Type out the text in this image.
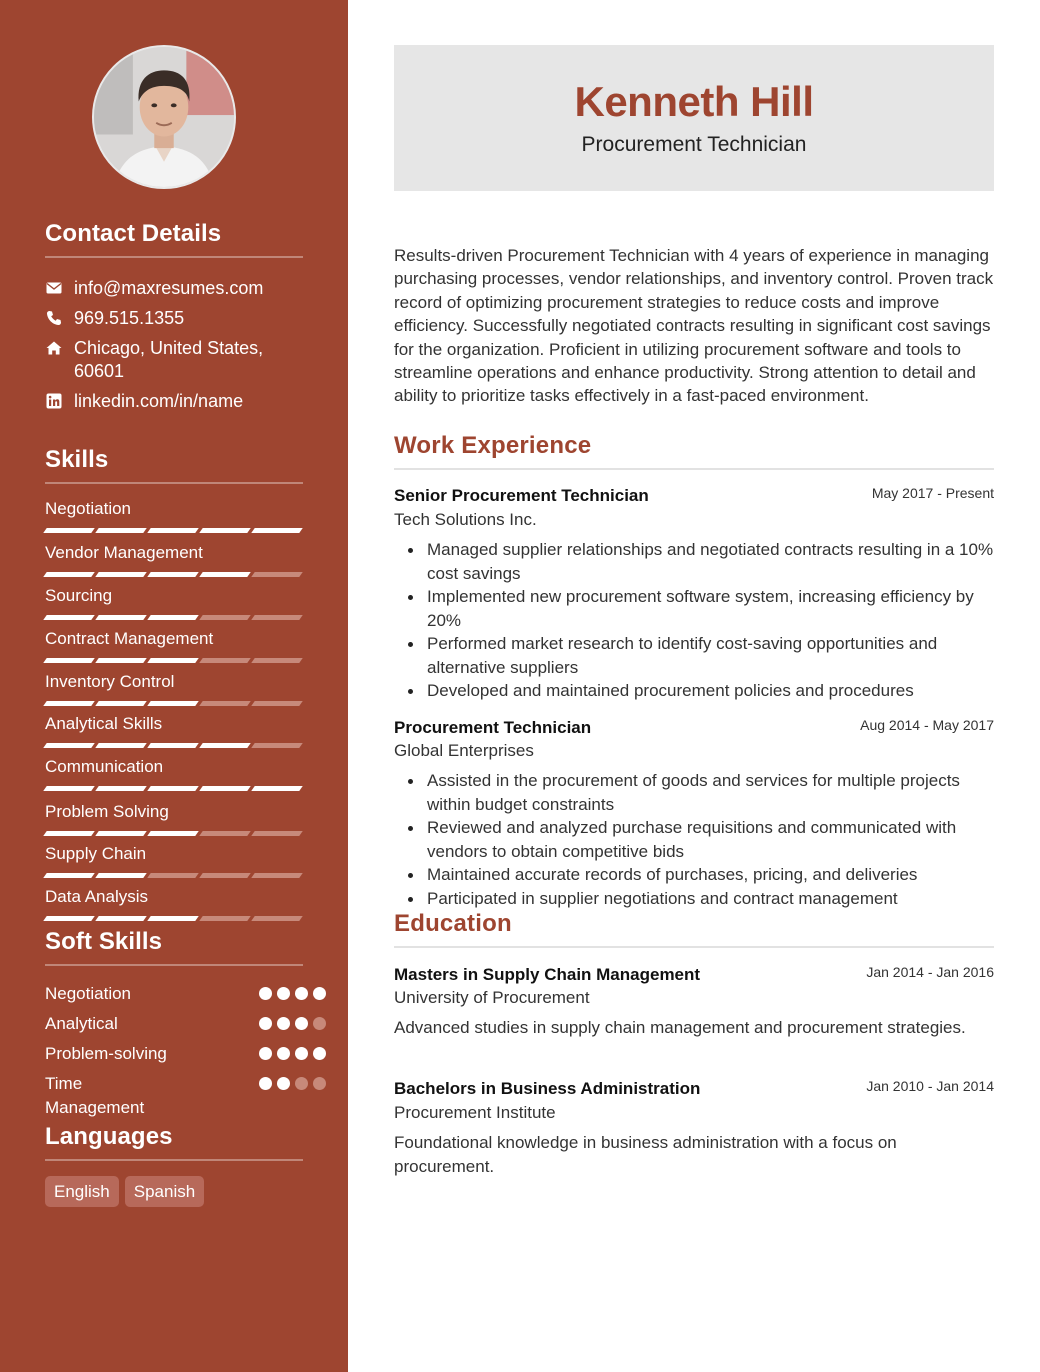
Contact Details
info@maxresumes.com
969.515.1355
Chicago, United States, 60601
linkedin.com/in/name
Skills
Negotiation
Vendor Management
Sourcing
Contract Management
Inventory Control
Analytical Skills
Communication
Problem Solving
Supply Chain
Data Analysis
Soft Skills
Negotiation
Analytical
Problem-solving
Time Management
Languages
English	Spanish
Kenneth Hill
Procurement Technician
Results-driven Procurement Technician with 4 years of experience in managing purchasing processes, vendor relationships, and inventory control. Proven track record of optimizing procurement strategies to reduce costs and improve efficiency. Successfully negotiated contracts resulting in significant cost savings for the organization. Proficient in utilizing procurement software and tools to streamline operations and enhance productivity. Strong attention to detail and ability to prioritize tasks effectively in a fast-paced environment.
Work Experience
Senior Procurement Technician	May 2017 - Present
Tech Solutions Inc.
Managed supplier relationships and negotiated contracts resulting in a 10% cost savings
Implemented new procurement software system, increasing efficiency by 20%
Performed market research to identify cost-saving opportunities and alternative suppliers
Developed and maintained procurement policies and procedures
Procurement Technician	Aug 2014 - May 2017
Global Enterprises
Assisted in the procurement of goods and services for multiple projects within budget constraints
Reviewed and analyzed purchase requisitions and communicated with vendors to obtain competitive bids
Maintained accurate records of purchases, pricing, and deliveries
Participated in supplier negotiations and contract management
Education
Masters in Supply Chain Management	Jan 2014 - Jan 2016
University of Procurement
Advanced studies in supply chain management and procurement strategies.
Bachelors in Business Administration	Jan 2010 - Jan 2014
Procurement Institute
Foundational knowledge in business administration with a focus on procurement.
